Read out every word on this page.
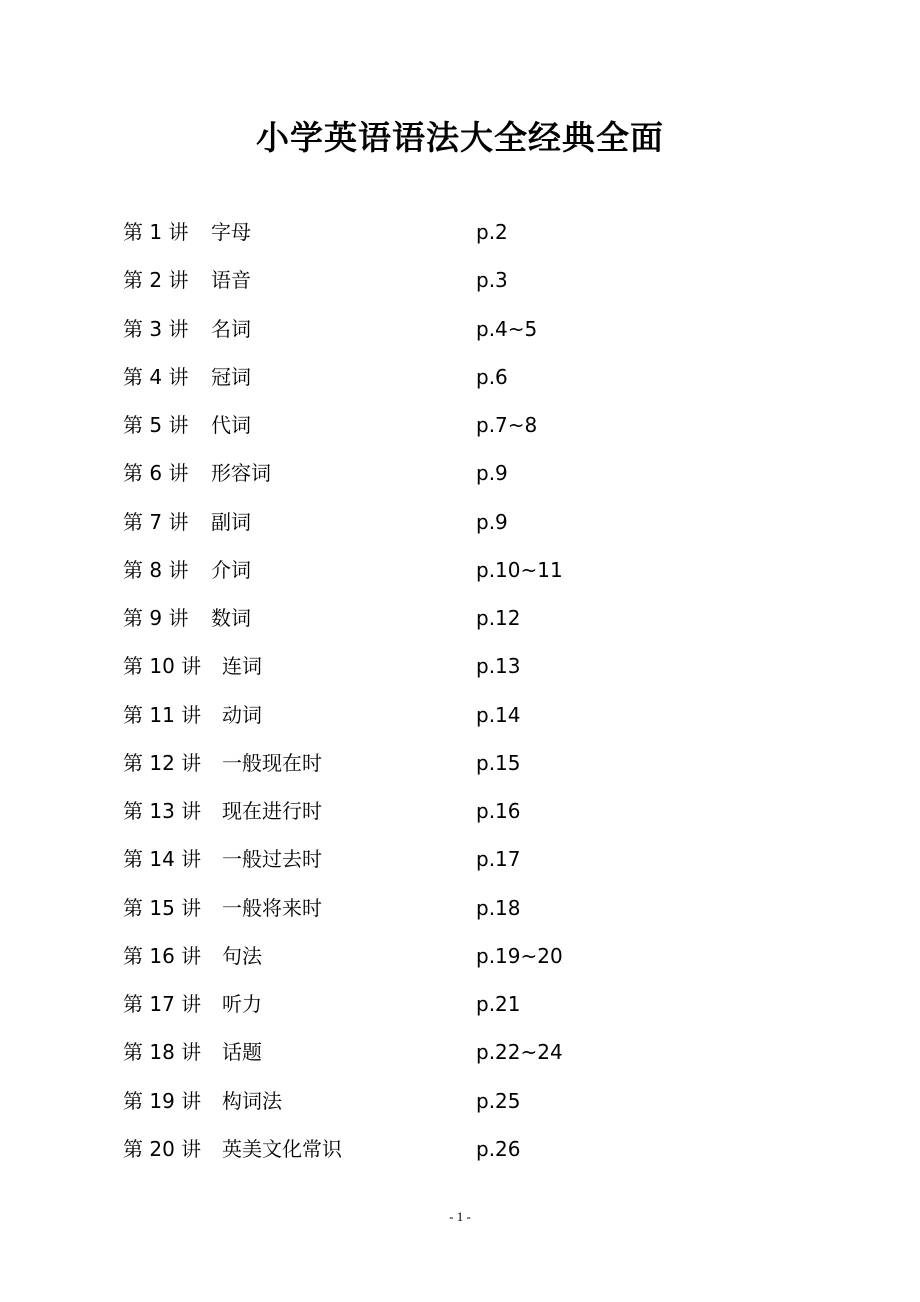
小学英语语法大全经典全面
第 1 讲 字母	p.2
第 2 讲 语音	p.3
第 3 讲 名词	p.4~5
第 4 讲 冠词	p.6
第 5 讲 代词	p.7~8
第 6 讲 形容词	p.9
第 7 讲 副词	p.9
第 8 讲 介词	p.10~11
第 9 讲 数词	p.12
第 10 讲 连词	p.13
第 11 讲 动词	p.14
第 12 讲 一般现在时	p.15
第 13 讲 现在进行时	p.16
第 14 讲 一般过去时	p.17
第 15 讲 一般将来时	p.18
第 16 讲 句法	p.19~20
第 17 讲 听力	p.21
第 18 讲 话题	p.22~24
第 19 讲 构词法	p.25
第 20 讲 英美文化常识	p.26
- 1 -
